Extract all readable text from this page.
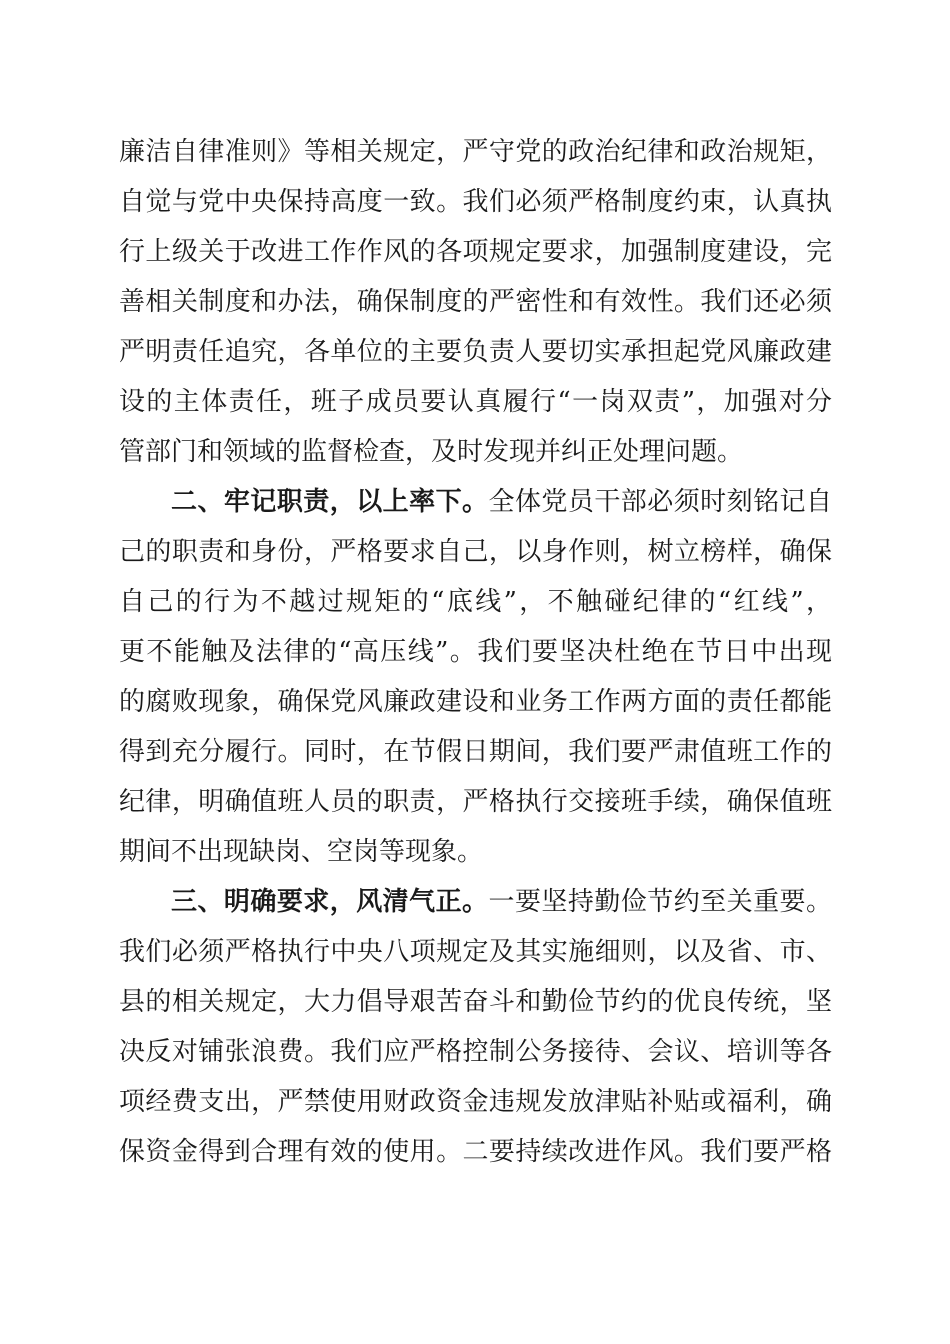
廉洁自律准则》等相关规定，严守党的政治纪律和政治规矩，
自觉与党中央保持高度一致。我们必须严格制度约束，认真执
行上级关于改进工作作风的各项规定要求，加强制度建设，完
善相关制度和办法，确保制度的严密性和有效性。我们还必须
严明责任追究，各单位的主要负责人要切实承担起党风廉政建
设的主体责任，班子成员要认真履行“一岗双责”，加强对分
管部门和领域的监督检查，及时发现并纠正处理问题。
二、牢记职责，以上率下。全体党员干部必须时刻铭记自
己的职责和身份，严格要求自己，以身作则，树立榜样，确保
自己的行为不越过规矩的“底线”，不触碰纪律的“红线”，
更不能触及法律的“高压线”。我们要坚决杜绝在节日中出现
的腐败现象，确保党风廉政建设和业务工作两方面的责任都能
得到充分履行。同时，在节假日期间，我们要严肃值班工作的
纪律，明确值班人员的职责，严格执行交接班手续，确保值班
期间不出现缺岗、空岗等现象。
三、明确要求，风清气正。一要坚持勤俭节约至关重要。
我们必须严格执行中央八项规定及其实施细则，以及省、市、
县的相关规定，大力倡导艰苦奋斗和勤俭节约的优良传统，坚
决反对铺张浪费。我们应严格控制公务接待、会议、培训等各
项经费支出，严禁使用财政资金违规发放津贴补贴或福利，确
保资金得到合理有效的使用。二要持续改进作风。我们要严格
